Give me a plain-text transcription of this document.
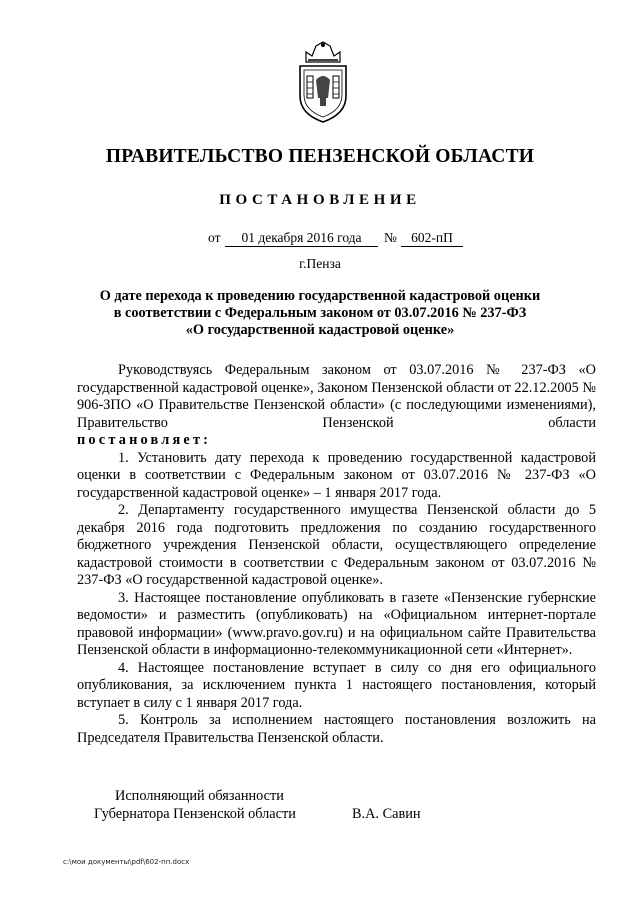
ПРАВИТЕЛЬСТВО ПЕНЗЕНСКОЙ ОБЛАСТИ
ПОСТАНОВЛЕНИЕ
от	01 декабря 2016 года	№	602-пП
г.Пенза
О дате перехода к проведению государственной кадастровой оценки
в соответствии с Федеральным законом от 03.07.2016 № 237-ФЗ
«О государственной кадастровой оценке»

Руководствуясь Федеральным законом от 03.07.2016 № 237-ФЗ «О государственной кадастровой оценке», Законом Пензенской области от 22.12.2005 № 906-ЗПО «О Правительстве Пензенской области» (с последующими изменениями), Правительство Пензенской области

постановляет:

1. Установить дату перехода к проведению государственной кадастровой оценки в соответствии с Федеральным законом от 03.07.2016 № 237-ФЗ «О государственной кадастровой оценке» – 1 января 2017 года.

2. Департаменту государственного имущества Пензенской области до 5 декабря 2016 года подготовить предложения по созданию государственного бюджетного учреждения Пензенской области, осуществляющего определение кадастровой стоимости в соответствии с Федеральным законом от 03.07.2016 № 237-ФЗ «О государственной кадастровой оценке».

3. Настоящее постановление опубликовать в газете «Пензенские губернские ведомости» и разместить (опубликовать) на «Официальном интернет-портале правовой информации» (www.pravo.gov.ru) и на официальном сайте Правительства Пензенской области в информационно-телекоммуникационной сети «Интернет».

4. Настоящее постановление вступает в силу со дня его официального опубликования, за исключением пункта 1 настоящего постановления, который вступает в силу с 1 января 2017 года.

5. Контроль за исполнением настоящего постановления возложить на Председателя Правительства Пензенской области.

Исполняющий обязанности
Губернатора Пензенской области	В.А. Савин
c:\мои документы\pdf\602-пп.docx
